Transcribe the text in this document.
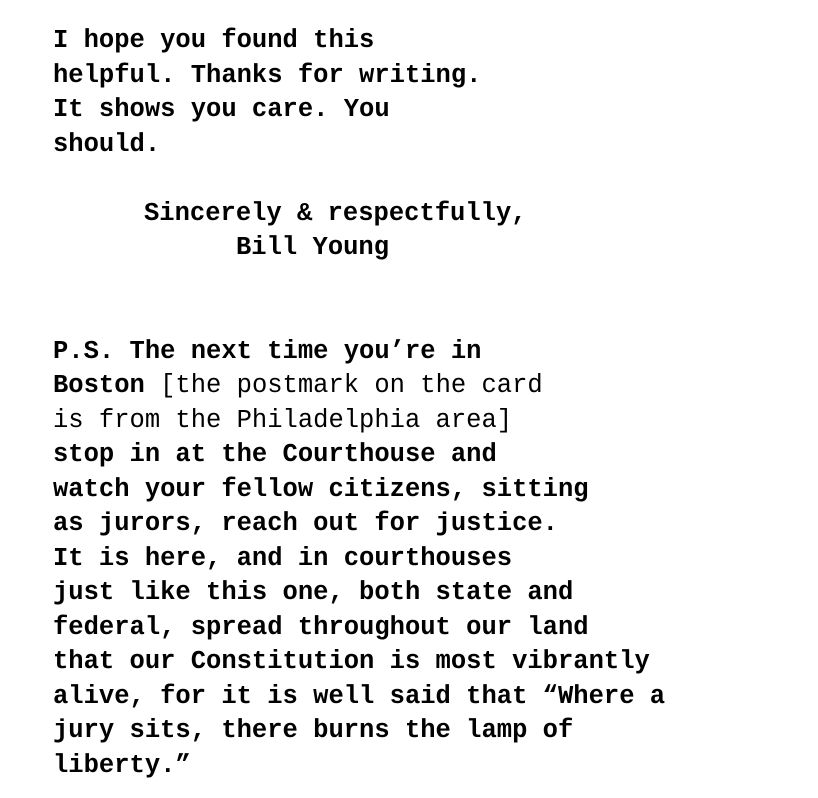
I hope you found this
helpful. Thanks for writing.
It shows you care. You
should.
Sincerely & respectfully,
Bill Young
P.S. The next time you’re in
Boston [the postmark on the card
is from the Philadelphia area]
stop in at the Courthouse and
watch your fellow citizens, sitting
as jurors, reach out for justice.
It is here, and in courthouses
just like this one, both state and
federal, spread throughout our land
that our Constitution is most vibrantly
alive, for it is well said that “Where a
jury sits, there burns the lamp of
liberty.”
